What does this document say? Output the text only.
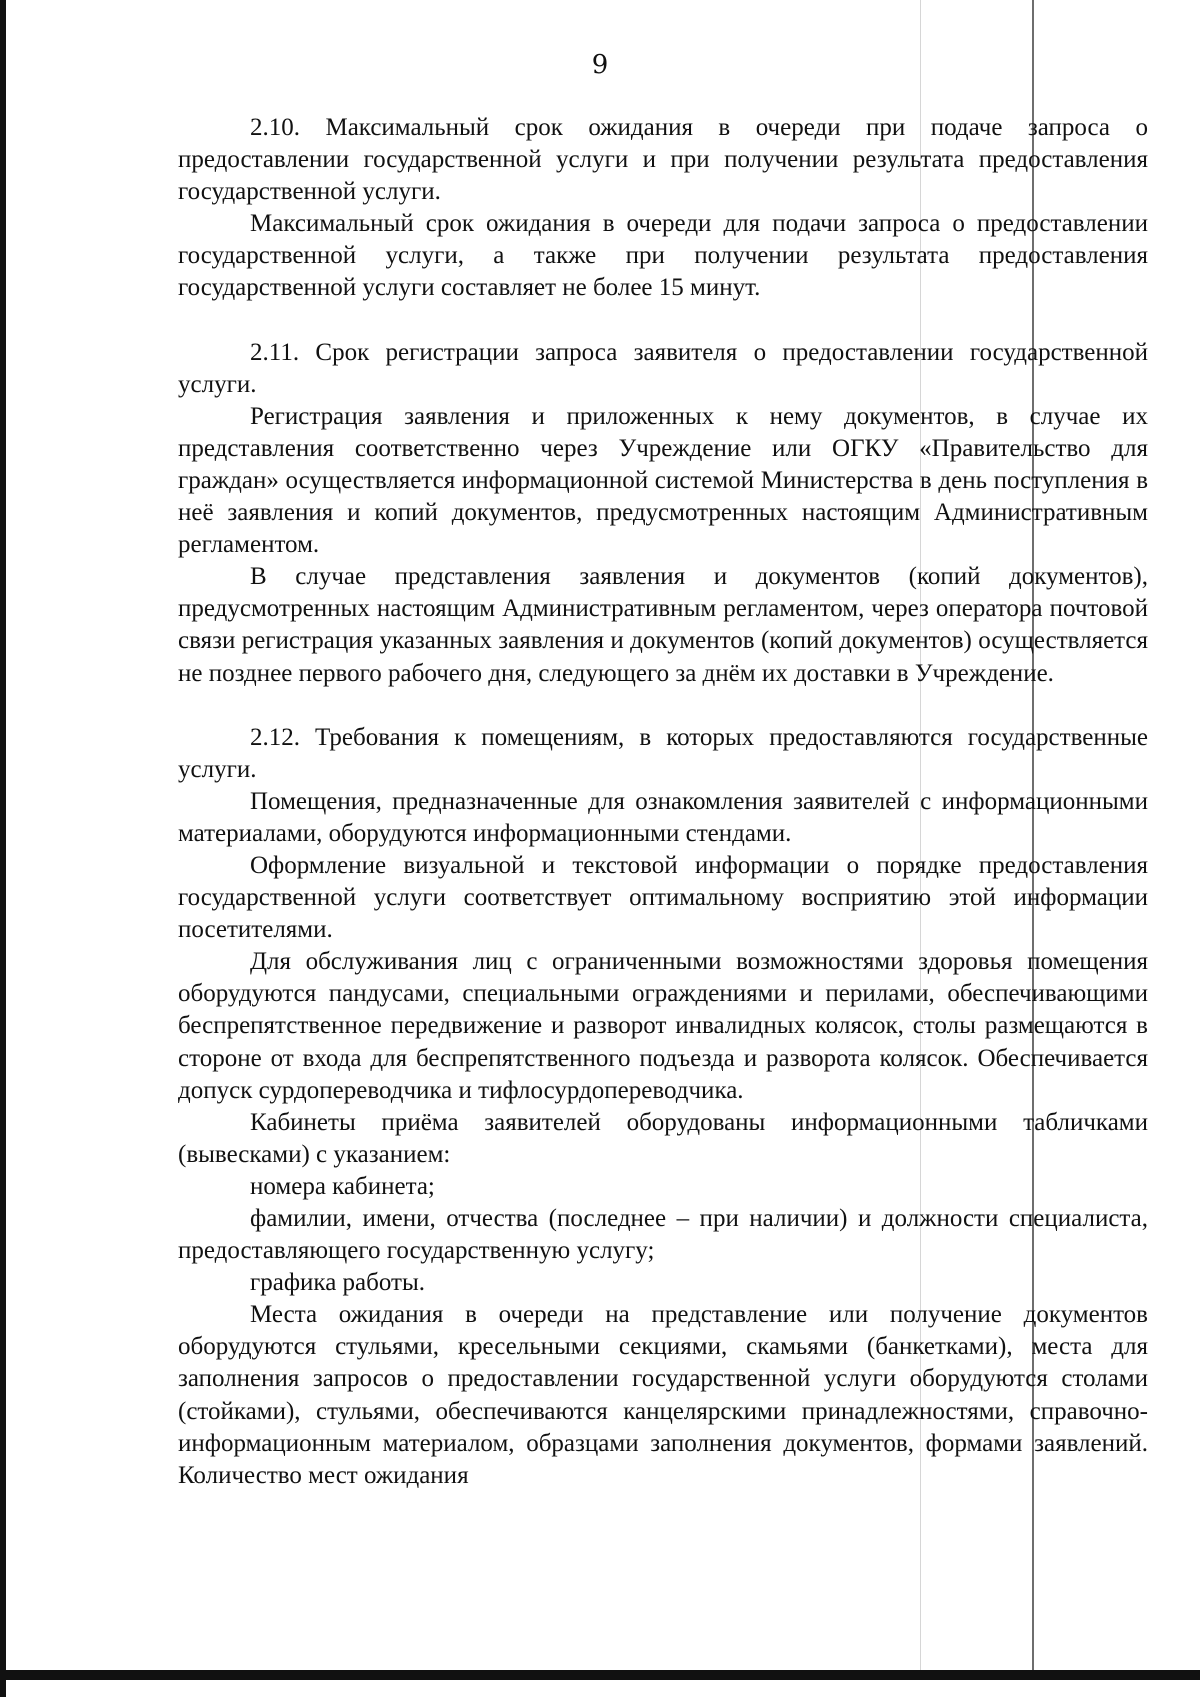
9

2.10. Максимальный срок ожидания в очереди при подаче запроса о предоставлении государственной услуги и при получении результата предоставления государственной услуги.

Максимальный срок ожидания в очереди для подачи запроса о предоставлении государственной услуги, а также при получении результата предоставления государственной услуги составляет не более 15 минут.

2.11. Срок регистрации запроса заявителя о предоставлении государственной услуги.

Регистрация заявления и приложенных к нему документов, в случае их представления соответственно через Учреждение или ОГКУ «Правительство для граждан» осуществляется информационной системой Министерства в день поступления в неё заявления и копий документов, предусмотренных настоящим Административным регламентом.

В случае представления заявления и документов (копий документов), предусмотренных настоящим Административным регламентом, через оператора почтовой связи регистрация указанных заявления и документов (копий документов) осуществляется не позднее первого рабочего дня, следующего за днём их доставки в Учреждение.

2.12. Требования к помещениям, в которых предоставляются государственные услуги.

Помещения, предназначенные для ознакомления заявителей с информационными материалами, оборудуются информационными стендами.

Оформление визуальной и текстовой информации о порядке предоставления государственной услуги соответствует оптимальному восприятию этой информации посетителями.

Для обслуживания лиц с ограниченными возможностями здоровья помещения оборудуются пандусами, специальными ограждениями и перилами, обеспечивающими беспрепятственное передвижение и разворот инвалидных колясок, столы размещаются в стороне от входа для беспрепятственного подъезда и разворота колясок. Обеспечивается допуск сурдопереводчика и тифлосурдопереводчика.

Кабинеты приёма заявителей оборудованы информационными табличками (вывесками) с указанием:

номера кабинета;

фамилии, имени, отчества (последнее – при наличии) и должности специалиста, предоставляющего государственную услугу;

графика работы.

Места ожидания в очереди на представление или получение документов оборудуются стульями, кресельными секциями, скамьями (банкетками), места для заполнения запросов о предоставлении государственной услуги оборудуются столами (стойками), стульями, обеспечиваются канцелярскими принадлежностями, справочно-информационным материалом, образцами заполнения документов, формами заявлений. Количество мест ожидания
